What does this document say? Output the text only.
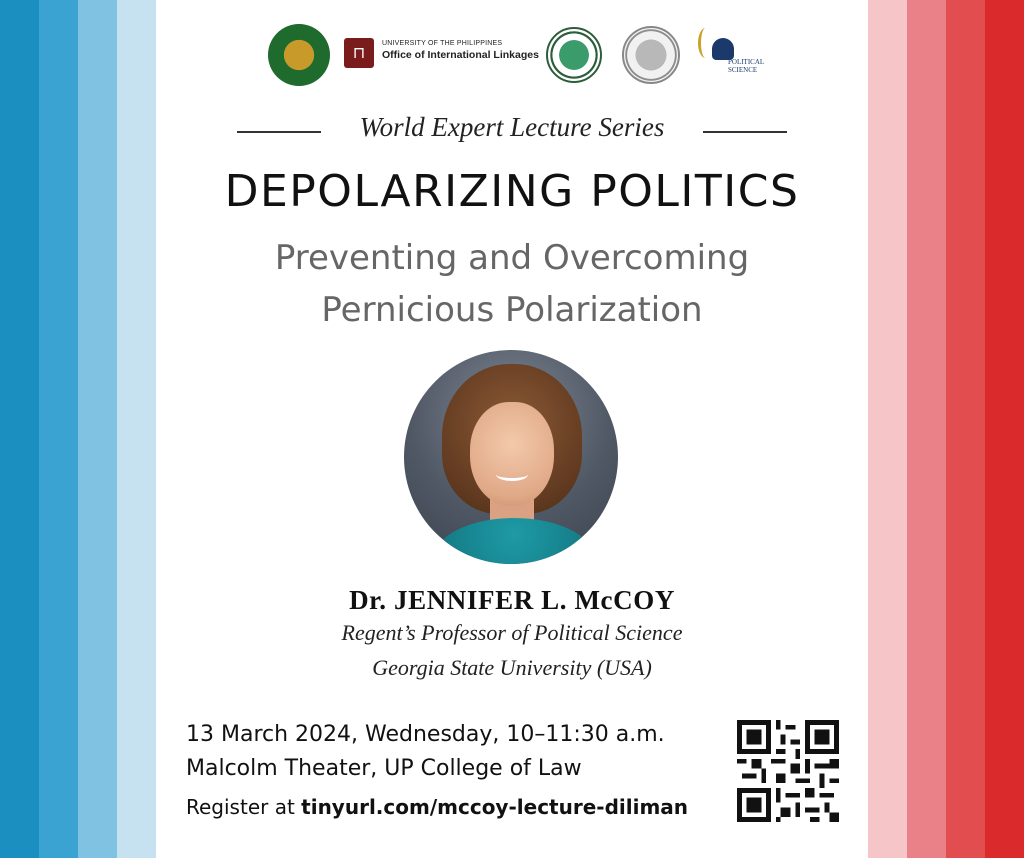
⊓	UNIVERSITY OF THE PHILIPPINES
Office of International Linkages
POLITICAL
SCIENCE
World Expert Lecture Series
DEPOLARIZING POLITICS
Preventing and Overcoming
Pernicious Polarization
Dr. JENNIFER L. McCOY
Regent’s Professor of Political Science
Georgia State University (USA)
13 March 2024, Wednesday, 10–11:30 a.m.
Malcolm Theater, UP College of Law
Register at tinyurl.com/mccoy-lecture-diliman
